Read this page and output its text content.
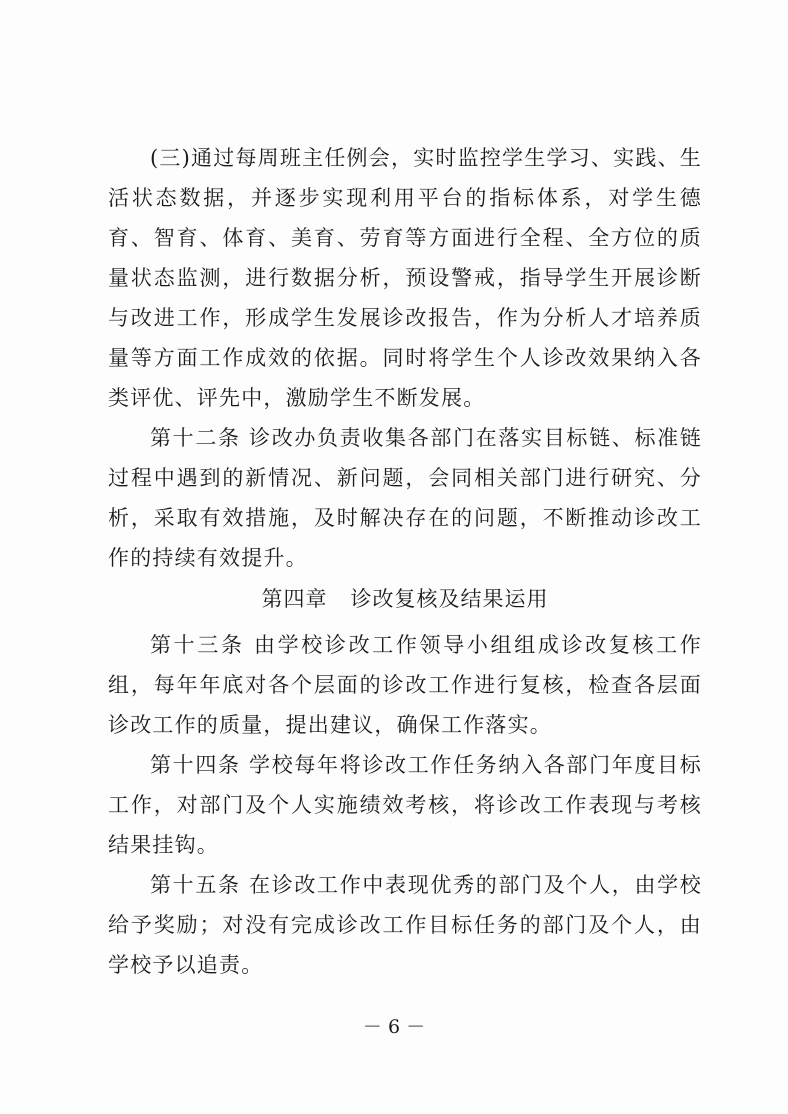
(三)通过每周班主任例会，实时监控学生学习、实践、生活状态数据，并逐步实现利用平台的指标体系，对学生德育、智育、体育、美育、劳育等方面进行全程、全方位的质量状态监测，进行数据分析，预设警戒，指导学生开展诊断与改进工作，形成学生发展诊改报告，作为分析人才培养质量等方面工作成效的依据。同时将学生个人诊改效果纳入各类评优、评先中，激励学生不断发展。

第十二条 诊改办负责收集各部门在落实目标链、标准链过程中遇到的新情况、新问题，会同相关部门进行研究、分析，采取有效措施，及时解决存在的问题，不断推动诊改工作的持续有效提升。

第四章   诊改复核及结果运用

第十三条 由学校诊改工作领导小组组成诊改复核工作组，每年年底对各个层面的诊改工作进行复核，检查各层面诊改工作的质量，提出建议，确保工作落实。

第十四条 学校每年将诊改工作任务纳入各部门年度目标工作，对部门及个人实施绩效考核，将诊改工作表现与考核结果挂钩。

第十五条 在诊改工作中表现优秀的部门及个人，由学校给予奖励；对没有完成诊改工作目标任务的部门及个人，由学校予以追责。

－ 6 －
